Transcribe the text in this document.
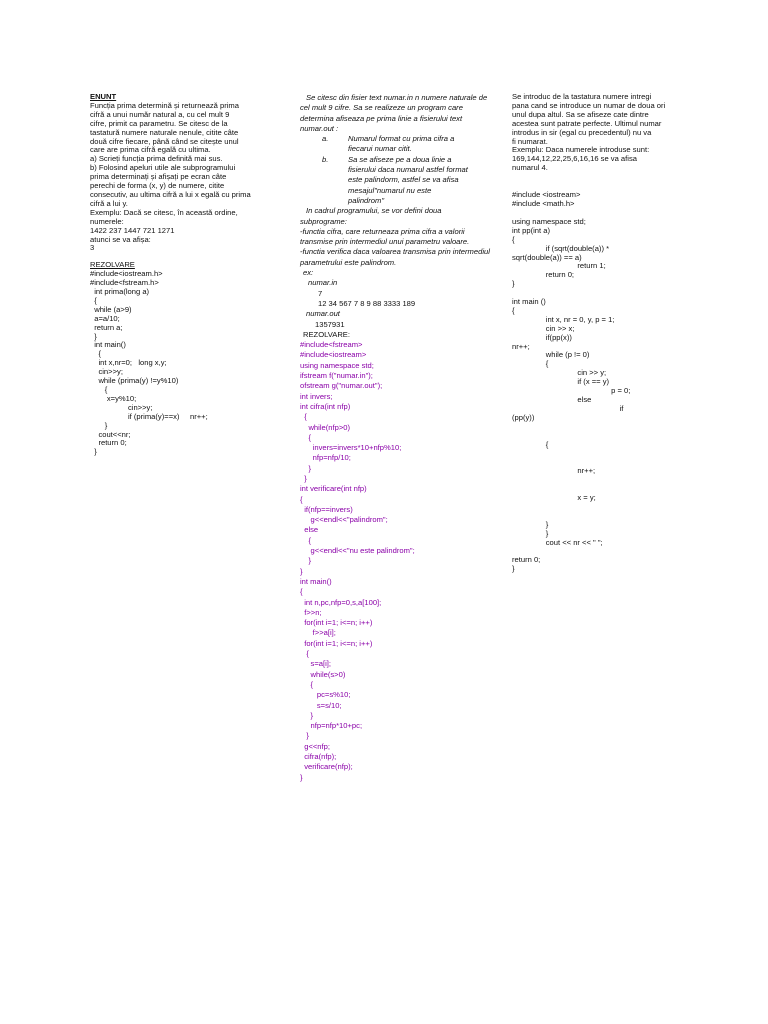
ENUNT
Funcția prima determină și returnează prima
cifră a unui număr natural a, cu cel mult 9
cifre, primit ca parametru. Se citesc de la
tastatură numere naturale nenule, citite câte
două cifre fiecare, până când se citește unul
care are prima cifră egală cu ultima.
a) Scrieți funcția prima definită mai sus.
b) Folosind apeluri utile ale subprogramului
prima determinați și afișați pe ecran câte
perechi de forma (x, y) de numere, citite
consecutiv, au ultima cifră a lui x egală cu prima
cifră a lui y.
Exemplu: Dacă se citesc, în această ordine,
numerele:
1422 237 1447 721 1271
atunci se va afișa:
3
REZOLVARE
#include<iostream.h>
#include<fstream.h>
int prima(long a)
{
while (a>9)
a=a/10;
return a;
}
int main()
{
int x,nr=0;   long x,y;
cin>>y;
while (prima(y) !=y%10)
{
x=y%10;
cin>>y;
if (prima(y)==x)     nr++;
}
cout<<nr;
return 0;
}
Se citesc din fisier text numar.in n numere naturale de cel mult 9 cifre. Sa se realizeze un program care determina afiseaza pe prima linie a fisierului text numar.out :
a.	Numarul format cu prima cifra a fiecarui numar citit.
b.	Sa se afiseze pe a doua linie a fisierului daca numarul astfel format este palindorm, astfel se va afisa mesajul"numarul nu este palindrom"
In cadrul programului, se vor defini doua subprograme:
-functia cifra, care returneaza prima cifra a valorii transmise prin intermediul unui parametru valoare.
-functia verifica daca valoarea transmisa prin intermediul parametrului este palindrom.
ex:
numar.in
7
12 34 567 7 8 9 88 3333 189
numar.out
1357931
REZOLVARE:
#include<fstream>
#include<iostream>
using namespace std;
ifstream f("numar.in");
ofstream g("numar.out");
int invers;
int cifra(int nfp)
{
while(nfp>0)
{
invers=invers*10+nfp%10;
nfp=nfp/10;
}
}
int verificare(int nfp)
{
if(nfp==invers)
g<<endl<<"palindrom";
else
{
g<<endl<<"nu este palindrom";
}
}
int main()
{
int n,pc,nfp=0,s,a[100];
f>>n;
for(int i=1; i<=n; i++)
f>>a[i];
for(int i=1; i<=n; i++)
{
s=a[i];
while(s>0)
{
pc=s%10;
s=s/10;
}
nfp=nfp*10+pc;
}
g<<nfp;
cifra(nfp);
verificare(nfp);
}
Se introduc de la tastatura numere intregi
pana cand se introduce un numar de doua ori
unul dupa altul. Sa se afiseze cate dintre
acestea sunt patrate perfecte. Ultimul numar
introdus in sir (egal cu precedentul) nu va
fi numarat.
Exemplu: Daca numerele introduse sunt:
169,144,12,22,25,6,16,16 se va afisa
numarul 4.
#include <iostream>
#include <math.h>

using namespace std;
int pp(int a)
{
if (sqrt(double(a)) *
sqrt(double(a)) == a)
return 1;
return 0;
}

int main ()
{
int x, nr = 0, y, p = 1;
cin >> x;
if(pp(x))
nr++;
while (p != 0)
{
cin >> y;
if (x == y)
p = 0;
else
if
(pp(y))

{

nr++;

x = y;

}
}
cout << nr << " ";

return 0;
}
